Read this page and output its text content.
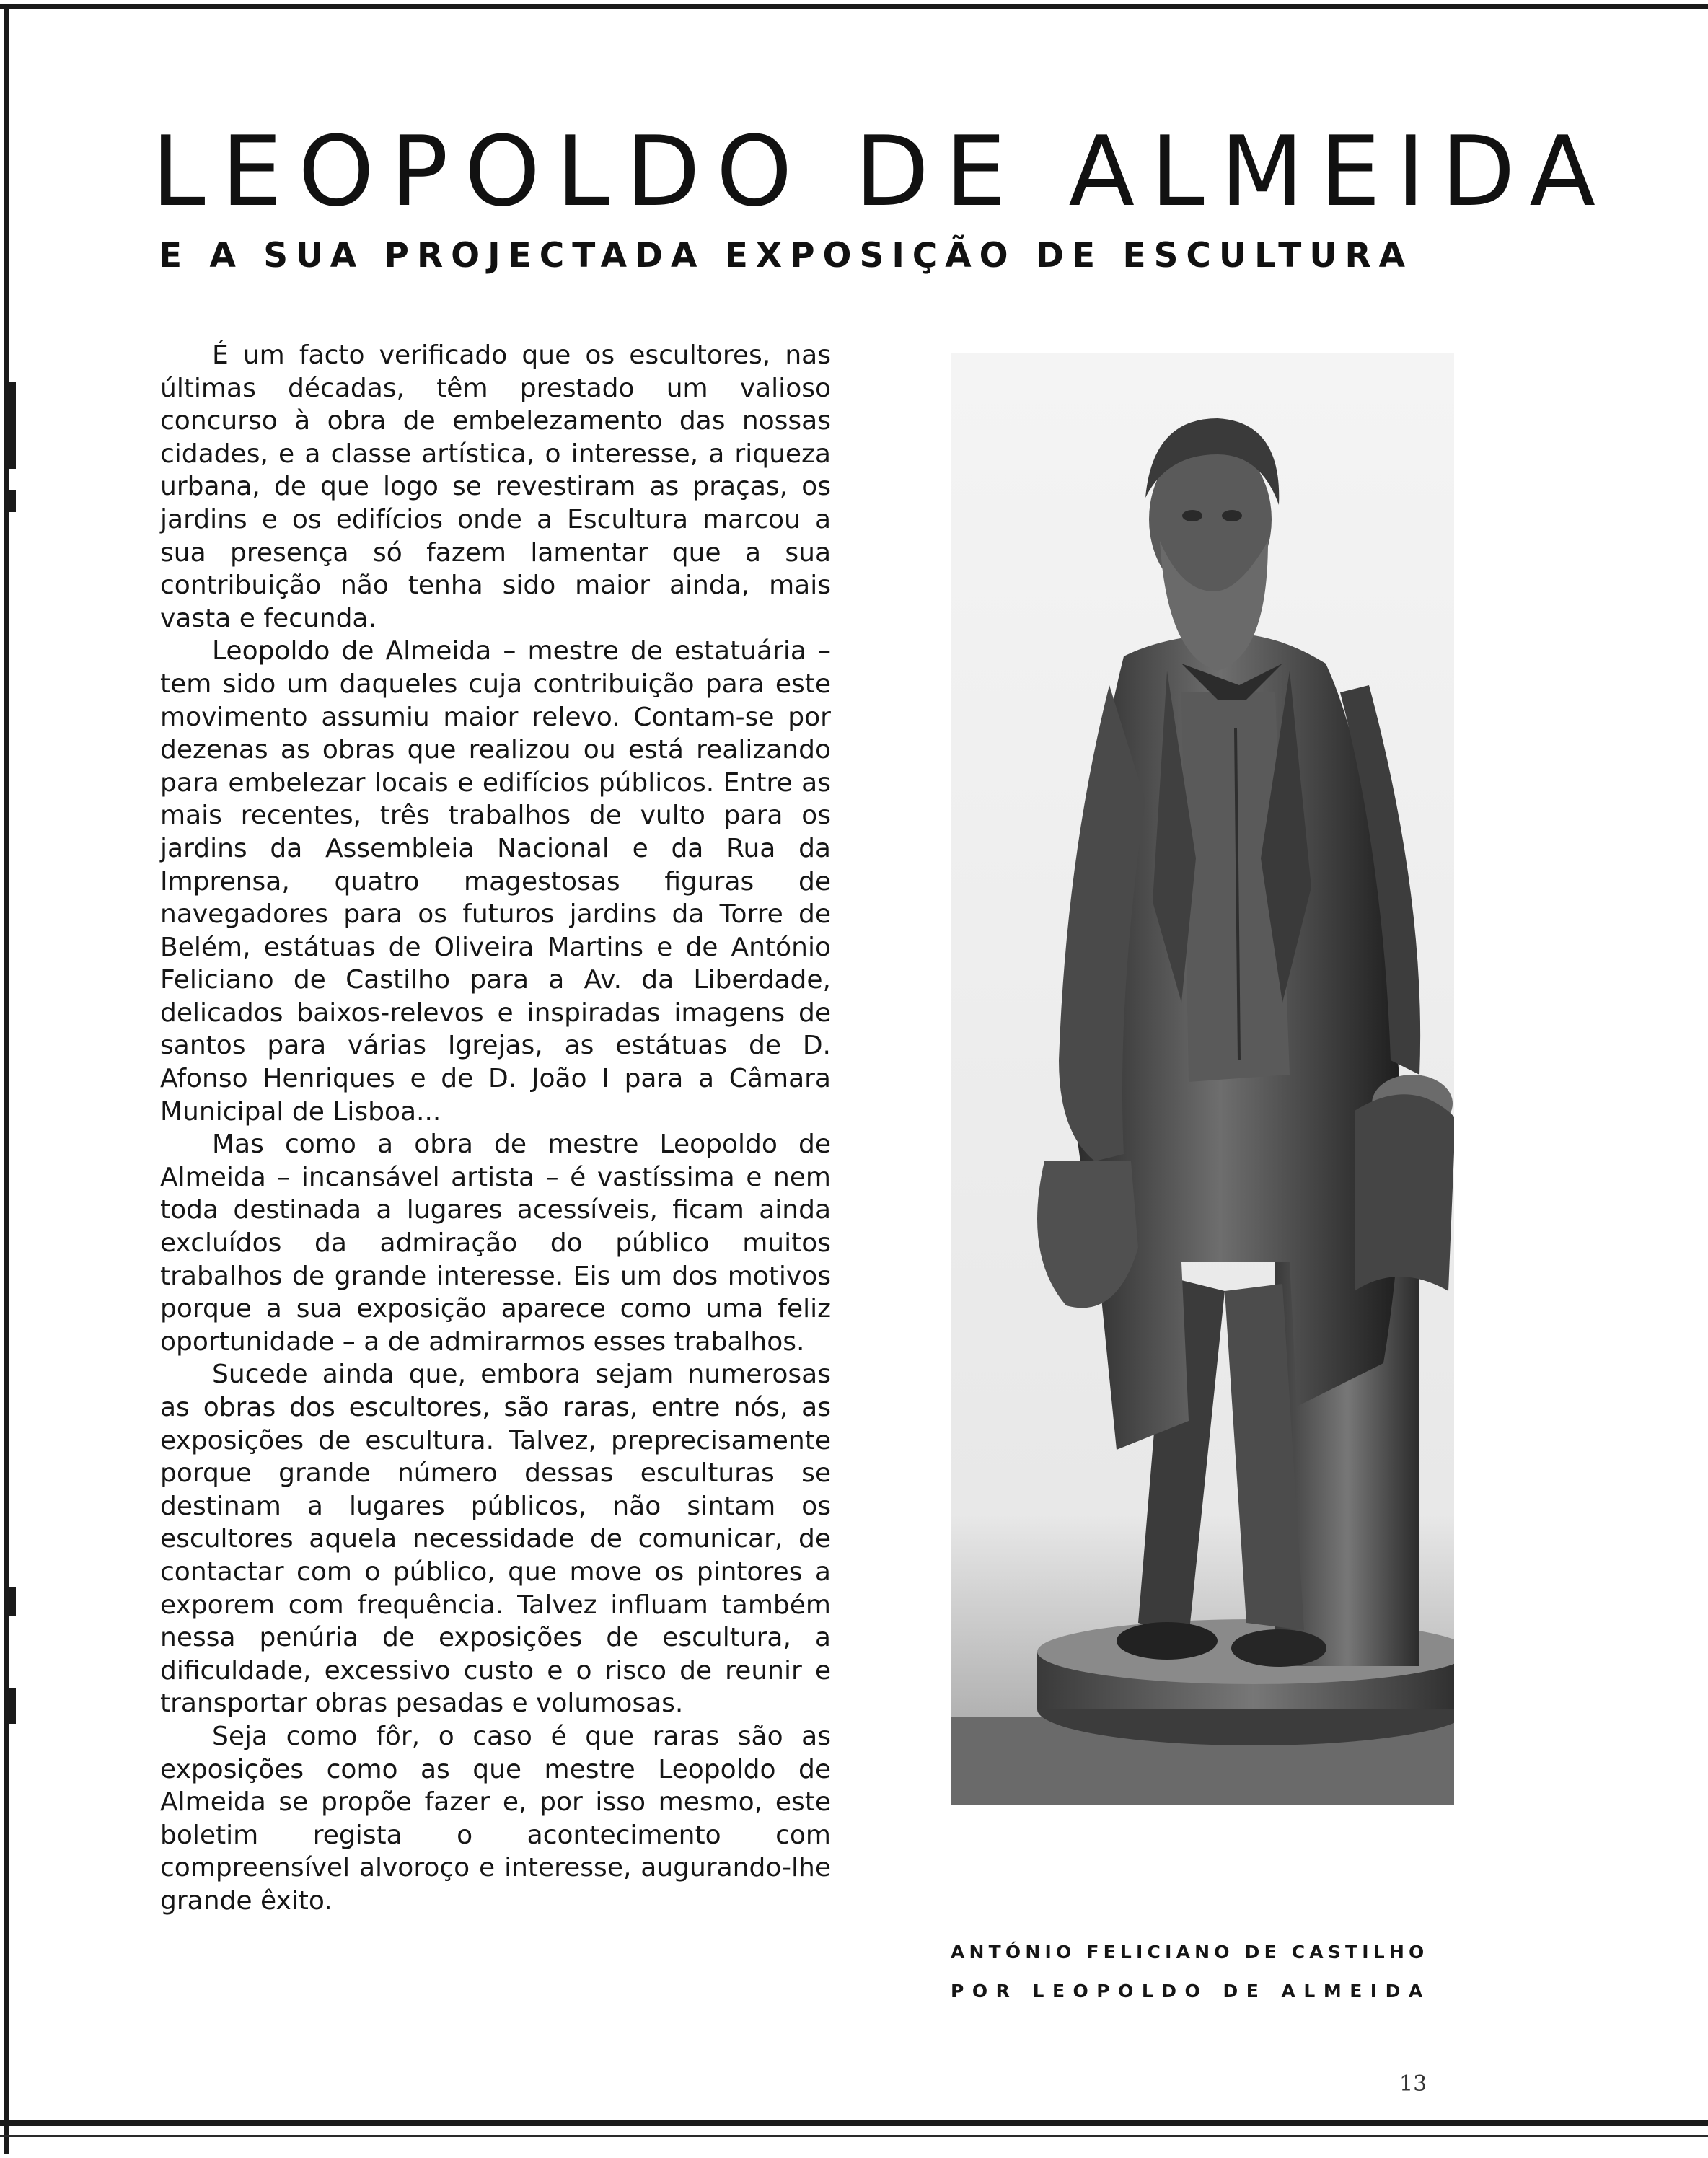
LEOPOLDO DE ALMEIDA
E A SUA PROJECTADA EXPOSIÇÃO DE ESCULTURA

É um facto verificado que os escultores, nas últimas décadas, têm prestado um valioso concurso à obra de embelezamento das nossas cidades, e a classe artística, o interesse, a riqueza urbana, de que logo se revestiram as praças, os jardins e os edifícios onde a Escultura marcou a sua presença só fazem lamentar que a sua contribuição não tenha sido maior ainda, mais vasta e fecunda.

Leopoldo de Almeida – mestre de estatuária – tem sido um daqueles cuja contribuição para este movimento assumiu maior relevo. Contam-se por dezenas as obras que realizou ou está realizando para embelezar locais e edifícios públicos. Entre as mais recentes, três trabalhos de vulto para os jardins da Assembleia Nacional e da Rua da Imprensa, quatro magestosas figuras de navegadores para os futuros jardins da Torre de Belém, estátuas de Oliveira Martins e de António Feliciano de Castilho para a Av. da Liberdade, delicados baixos-relevos e inspiradas imagens de santos para várias Igrejas, as estátuas de D. Afonso Henriques e de D. João I para a Câmara Municipal de Lisboa...

Mas como a obra de mestre Leopoldo de Almeida – incansável artista – é vastíssima e nem toda destinada a lugares acessíveis, ficam ainda excluídos da admiração do público muitos trabalhos de grande interesse. Eis um dos motivos porque a sua exposição aparece como uma feliz oportunidade – a de admirarmos esses trabalhos.

Sucede ainda que, embora sejam numerosas as obras dos escultores, são raras, entre nós, as exposições de escultura. Talvez, preprecisamente porque grande número dessas esculturas se destinam a lugares públicos, não sintam os escultores aquela necessidade de comunicar, de contactar com o público, que move os pintores a exporem com frequência. Talvez influam também nessa penúria de exposições de escultura, a dificuldade, excessivo custo e o risco de reunir e transportar obras pesadas e volumosas.

Seja como fôr, o caso é que raras são as exposições como as que mestre Leopoldo de Almeida se propõe fazer e, por isso mesmo, este boletim regista o acontecimento com compreensível alvoroço e interesse, augurando-lhe grande êxito.

ANTÓNIO FELICIANO DE CASTILHO
POR LEOPOLDO DE ALMEIDA
13
